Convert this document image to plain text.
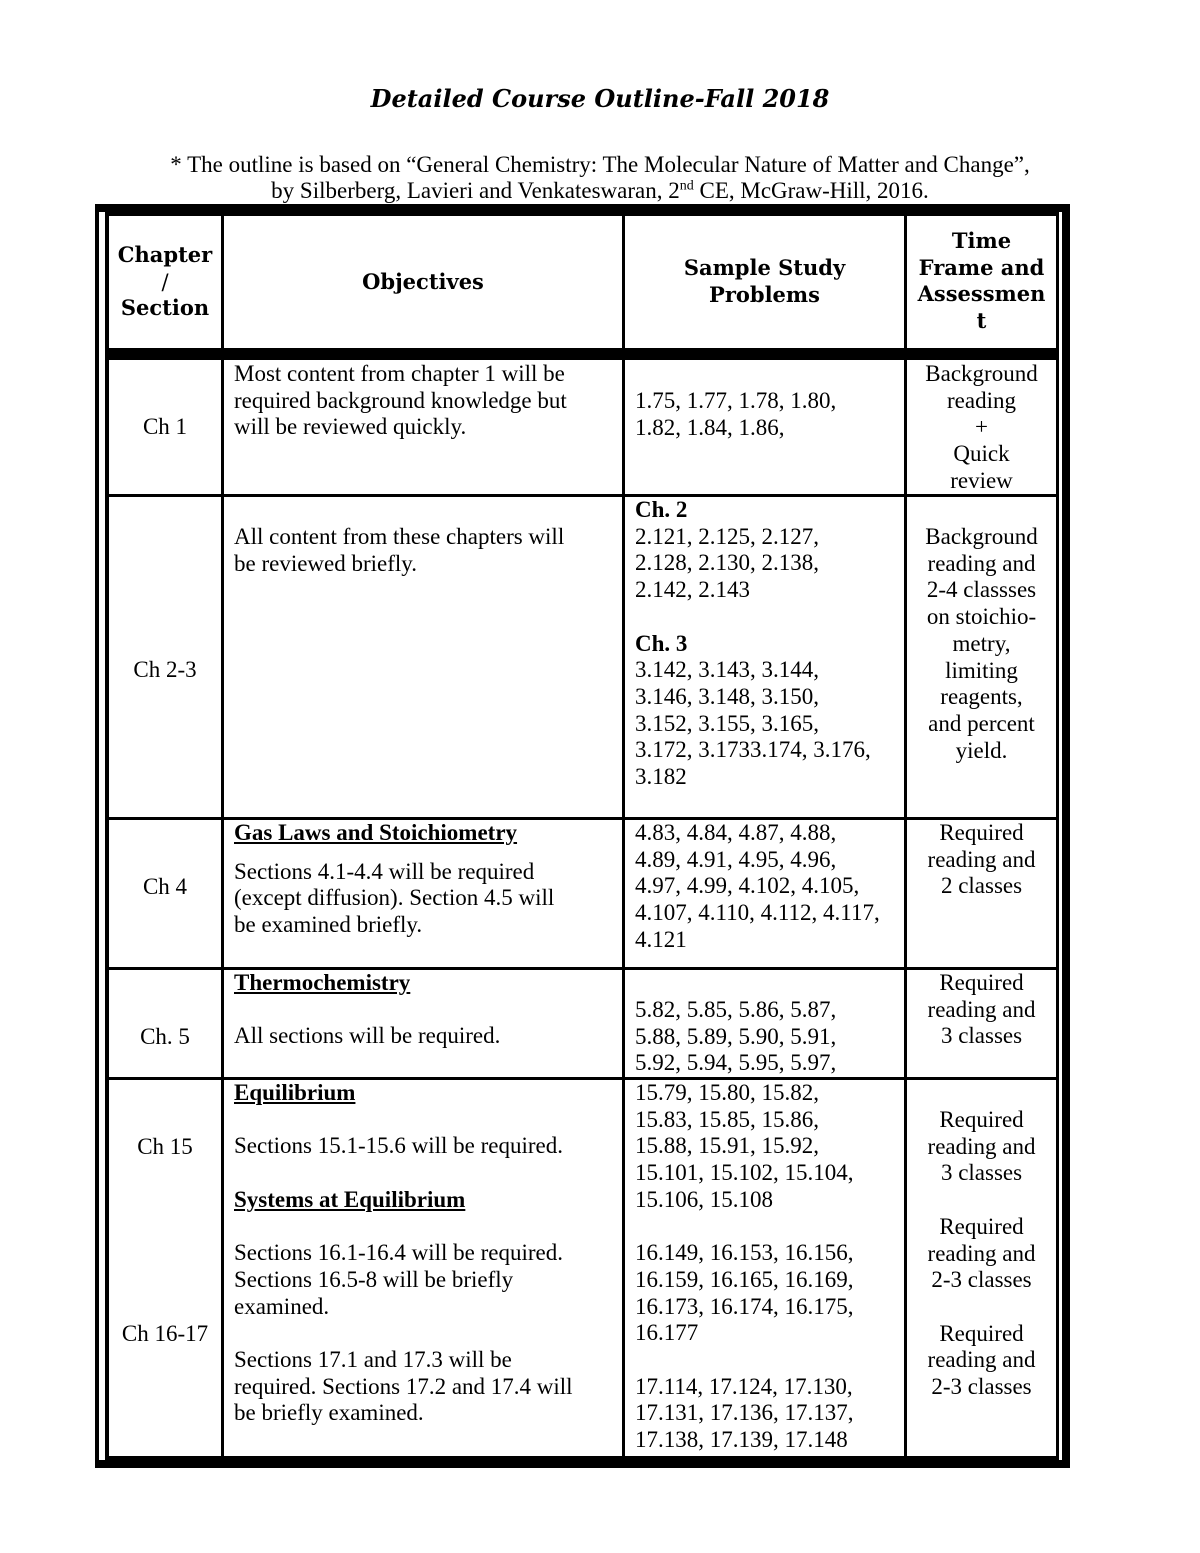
Detailed Course Outline-Fall 2018
* The outline is based on “General Chemistry: The Molecular Nature of Matter and Change”,
by Silberberg, Lavieri and Venkateswaran, 2nd CE, McGraw-Hill, 2016.
Chapter
/
Section
Objectives
Sample Study
Problems
Time
Frame and
Assessmen
t
Ch 1
Most content from chapter 1 will be
required background knowledge but
will be reviewed quickly.
1.75, 1.77, 1.78, 1.80,
1.82, 1.84, 1.86,
Background
reading
+
Quick
review
Ch 2-3
All content from these chapters will
be reviewed briefly.
Ch. 2
2.121, 2.125, 2.127,
2.128, 2.130, 2.138,
2.142, 2.143
Ch. 3
3.142, 3.143, 3.144,
3.146, 3.148, 3.150,
3.152, 3.155, 3.165,
3.172, 3.1733.174, 3.176,
3.182
Background
reading and
2-4 classses
on stoichio-
metry,
limiting
reagents,
and percent
yield.
Ch 4
Gas Laws and Stoichiometry
Sections 4.1-4.4 will be required
(except diffusion). Section 4.5 will
be examined briefly.
4.83, 4.84, 4.87, 4.88,
4.89, 4.91, 4.95, 4.96,
4.97, 4.99, 4.102, 4.105,
4.107, 4.110, 4.112, 4.117,
4.121
Required
reading and
2 classes
Ch. 5
Thermochemistry
All sections will be required.
5.82, 5.85, 5.86, 5.87,
5.88, 5.89, 5.90, 5.91,
5.92, 5.94, 5.95, 5.97,
Required
reading and
3 classes
Ch 15
Ch 16-17
Equilibrium
Sections 15.1-15.6 will be required.
Systems at Equilibrium
Sections 16.1-16.4 will be required.
Sections 16.5-8 will be briefly
examined.
Sections 17.1 and 17.3 will be
required. Sections 17.2 and 17.4 will
be briefly examined.
15.79, 15.80, 15.82,
15.83, 15.85, 15.86,
15.88, 15.91, 15.92,
15.101, 15.102, 15.104,
15.106, 15.108
16.149, 16.153, 16.156,
16.159, 16.165, 16.169,
16.173, 16.174, 16.175,
16.177
17.114, 17.124, 17.130,
17.131, 17.136, 17.137,
17.138, 17.139, 17.148
Required
reading and
3 classes
Required
reading and
2-3 classes
Required
reading and
2-3 classes
